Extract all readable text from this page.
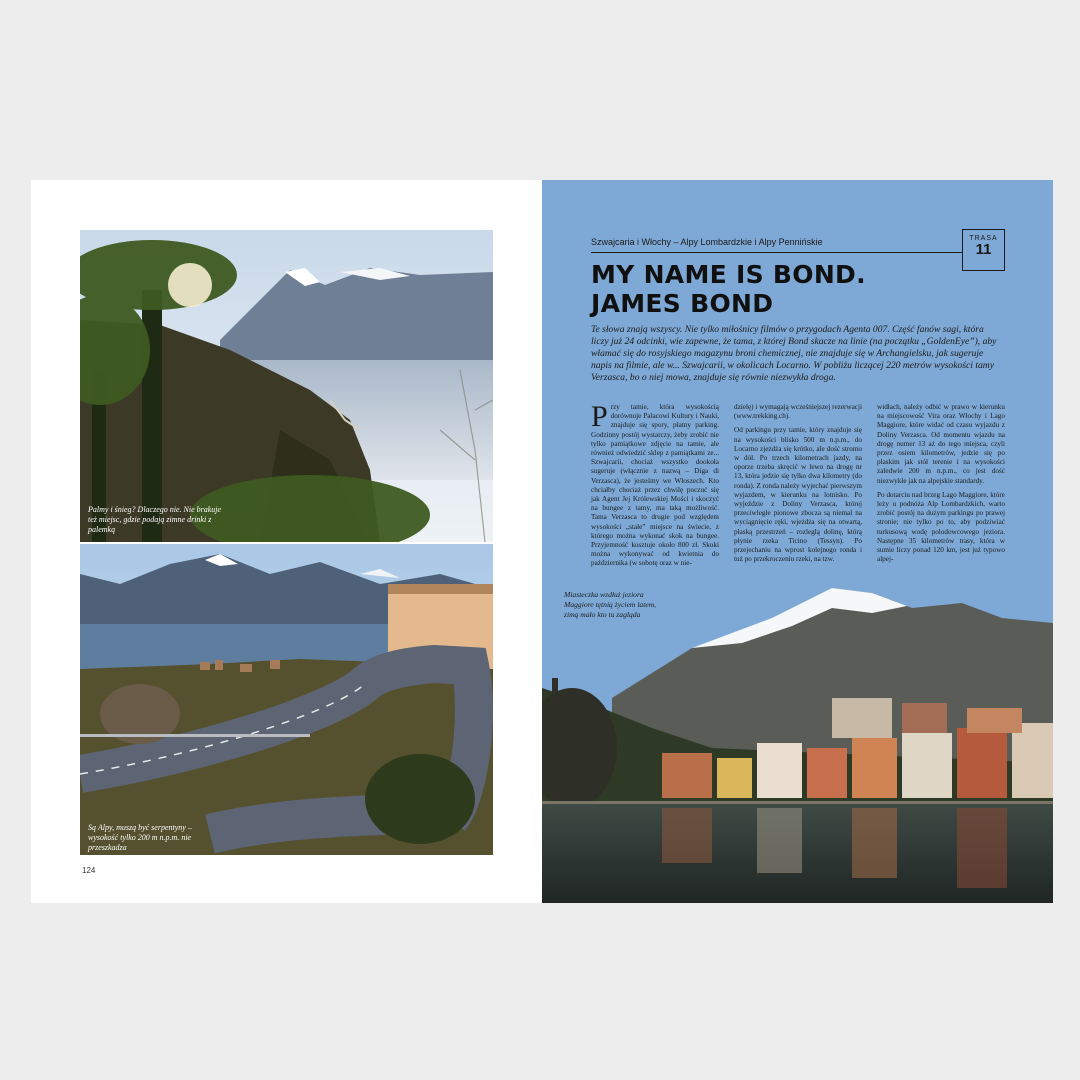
Palmy i śnieg? Dlaczego nie. Nie brakuje też miejsc, gdzie podają zimne drinki z palemką
Są Alpy, muszą być serpentyny – wysokość tylko 200 m n.p.m. nie przeszkadza
124
Szwajcaria i Włochy – Alpy Lombardzkie i Alpy Pennińskie	TRASA
11
MY NAME IS BOND. JAMES BOND
Te słowa znają wszyscy. Nie tylko miłośnicy filmów o przygodach Agenta 007. Część fanów sagi, która liczy już 24 odcinki, wie zapewne, że tama, z której Bond skacze na linie (na początku „GoldenEye”), aby włamać się do rosyjskiego magazynu broni chemicznej, nie znajduje się w Archangielsku, jak sugeruje napis na filmie, ale w... Szwajcarii, w okolicach Locarno. W pobliżu liczącej 220 metrów wysokości tamy Verzasca, bo o niej mowa, znajduje się równie niezwykła droga.

Przy tamie, która wysokością dorównuje Pałacowi Kultury i Nauki, znajduje się spory, płatny parking. Godzinny postój wystarczy, żeby zrobić nie tylko pamiątkowe zdjęcie na tamie, ale również odwiedzić sklep z pamiątkami ze... Szwajcarii, chociaż wszystko dookoła sugeruje (włącznie z nazwą – Diga di Verzasca), że jesteśmy we Włoszech. Kto chciałby chociaż przez chwilę poczuć się jak Agent Jej Królewskiej Mości i skoczyć na bungee z tamy, ma taką możliwość. Tama Verzasca to drugie pod względem wysokości „stałe” miejsce na świecie, z którego można wykonać skok na bungee. Przyjemność kosztuje około 800 zł. Skoki można wykonywać od kwietnia do października (w sobotę oraz w nie-

dzielę) i wymagają wcześniejszej rezerwacji (www.trekking.ch).

Od parkingu przy tamie, który znajduje się na wysokości blisko 500 m n.p.m., do Locarno zjeżdża się krótko, ale dość stromo w dół. Po trzech kilometrach jazdy, na oporze trzeba skręcić w lewo na drogę nr 13, która jedzie się tylko dwa kilometry (do ronda). Z ronda należy wyjechać pierwszym wyjazdem, w kierunku na lotnisko. Po wyjeździe z Doliny Verzasca, której przeciwległe pionowe zbocza są niemal na wyciągnięcie ręki, wjeżdża się na otwartą, płaską przestrzeń – rozległą dolinę, którą płynie rzeka Ticino (Tessyn). Po przejechaniu na wprost kolejnego ronda i tuż po przekroczeniu rzeki, na tzw.

widłach, należy odbić w prawo w kierunku na miejscowość Vira oraz Włochy i Lago Maggiore, które widać od czasu wyjazdu z Doliny Verzasca. Od momentu wjazdu na drogę numer 13 aż do tego miejsca, czyli przez osiem kilometrów, jedzie się po płaskim jak stół terenie i na wysokości zaledwie 200 m n.p.m., co jest dość niezwykłe jak na alpejskie standardy.

Po dotarciu nad brzeg Lago Maggiore, które leży u podnóża Alp Lombardzkich, warto zrobić postój na dużym parkingu po prawej stronie; nie tylko po to, aby podziwiać turkusową wodę polodowcowego jeziora. Następne 35 kilometrów trasy, która w sumie liczy ponad 120 km, jest już typowo alpej-

Miasteczka wzdłuż jeziora Maggiore tętnią życiem latem, zimą mało kto tu zagląda
